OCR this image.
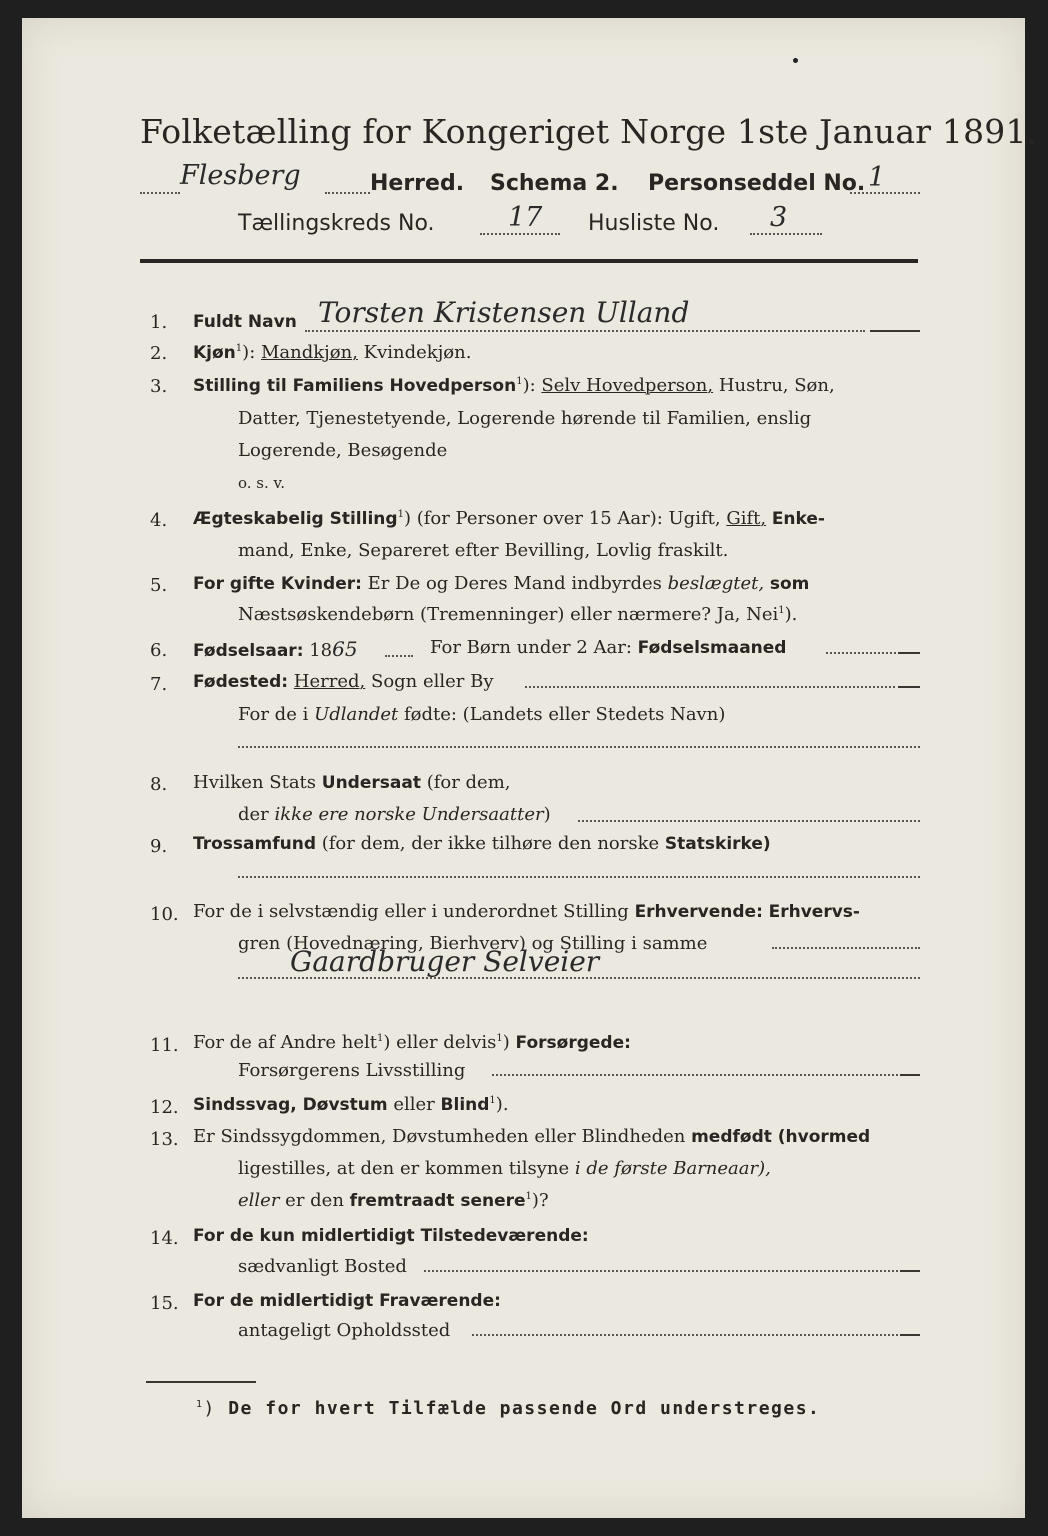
Folketælling for Kongeriget Norge 1ste Januar 1891.
Flesberg	Herred. Schema 2. Personseddel No. 1
Tællingskreds No.	17 Husliste No. 3
1. Fuldt Navn Torsten Kristensen Ulland
2. Kjøn$^1$): Mandkjøn, Kvindekjøn.
3. Stilling til Familiens Hovedperson$^1$): Selv Hovedperson, Hustru, Søn,
Datter, Tjenestetyende, Logerende hørende til Familien, enslig
Logerende, Besøgende
o. s. v.
4. Ægteskabelig Stilling$^1$) (for Personer over 15 Aar): Ugift, Gift, Enke-
mand, Enke, Separeret efter Bevilling, Lovlig fraskilt.
5. For gifte Kvinder: Er De og Deres Mand indbyrdes beslægtet, som
Næstsøskendebørn (Tremenninger) eller nærmere? Ja, Nei$^1$).
6. Fødselsaar: 1865	For Børn under 2 Aar: Fødselsmaaned
7. Fødested: Herred, Sogn eller By
For de i Udlandet fødte: (Landets eller Stedets Navn)
8. Hvilken Stats Undersaat (for dem,
der ikke ere norske Undersaatter)
9. Trossamfund (for dem, der ikke tilhøre den norske Statskirke)
10. For de i selvstændig eller i underordnet Stilling Erhvervende: Erhvervs-
gren (Hovednæring, Bierhverv) og Stilling i samme
Gaardbruger Selveier
11. For de af Andre helt$^1$) eller delvis$^1$) Forsørgede:
Forsørgerens Livsstilling
12. Sindssvag, Døvstum eller Blind$^1$).
13. Er Sindssygdommen, Døvstumheden eller Blindheden medfødt (hvormed
ligestilles, at den er kommen tilsyne i de første Barneaar),
eller er den fremtraadt senere$^1$)?
14. For de kun midlertidigt Tilstedeværende:
sædvanligt Bosted
15. For de midlertidigt Fraværende:
antageligt Opholdssted
$^1$) De for hvert Tilfælde passende Ord understreges.
